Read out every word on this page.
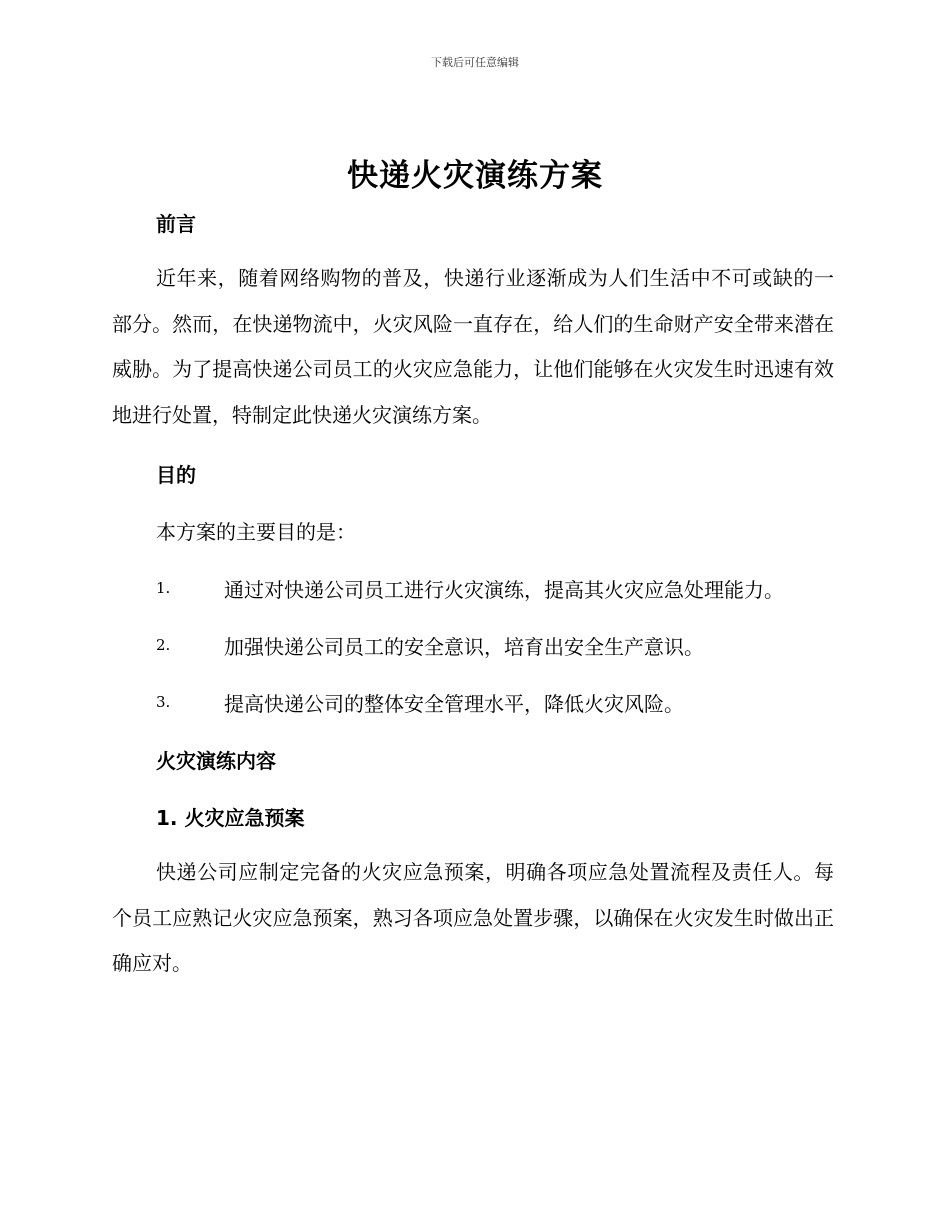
下载后可任意编辑
快递火灾演练方案
前言
近年来，随着网络购物的普及，快递行业逐渐成为人们生活中不可或缺的一部分。然而，在快递物流中，火灾风险一直存在，给人们的生命财产安全带来潜在威胁。为了提高快递公司员工的火灾应急能力，让他们能够在火灾发生时迅速有效地进行处置，特制定此快递火灾演练方案。
目的
本方案的主要目的是：
1.	通过对快递公司员工进行火灾演练，提高其火灾应急处理能力。
2.	加强快递公司员工的安全意识，培育出安全生产意识。
3.	提高快递公司的整体安全管理水平，降低火灾风险。
火灾演练内容
1. 火灾应急预案
快递公司应制定完备的火灾应急预案，明确各项应急处置流程及责任人。每个员工应熟记火灾应急预案，熟习各项应急处置步骤，以确保在火灾发生时做出正确应对。
